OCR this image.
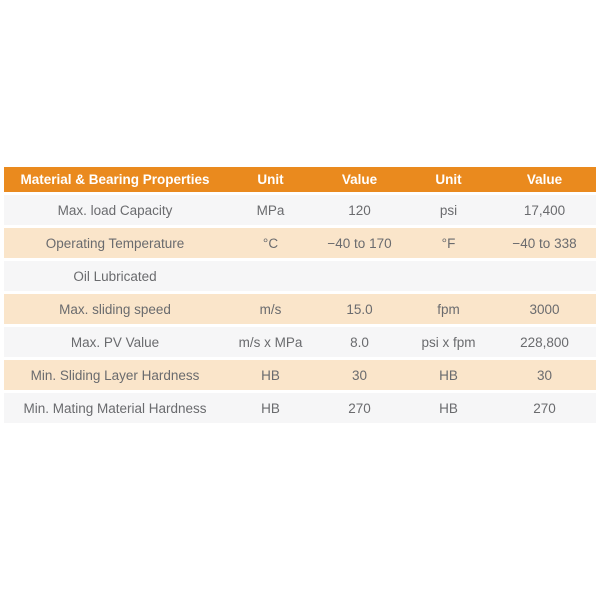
Material & Bearing Properties	Unit	Value	Unit	Value
Max. load Capacity	MPa	120	psi	17,400
Operating Temperature	°C	−40 to 170	°F	−40 to 338
Oil Lubricated				
Max. sliding speed	m/s	15.0	fpm	3000
Max. PV Value	m/s x MPa	8.0	psi x fpm	228,800
Min. Sliding Layer Hardness	HB	30	HB	30
Min. Mating Material Hardness	HB	270	HB	270
